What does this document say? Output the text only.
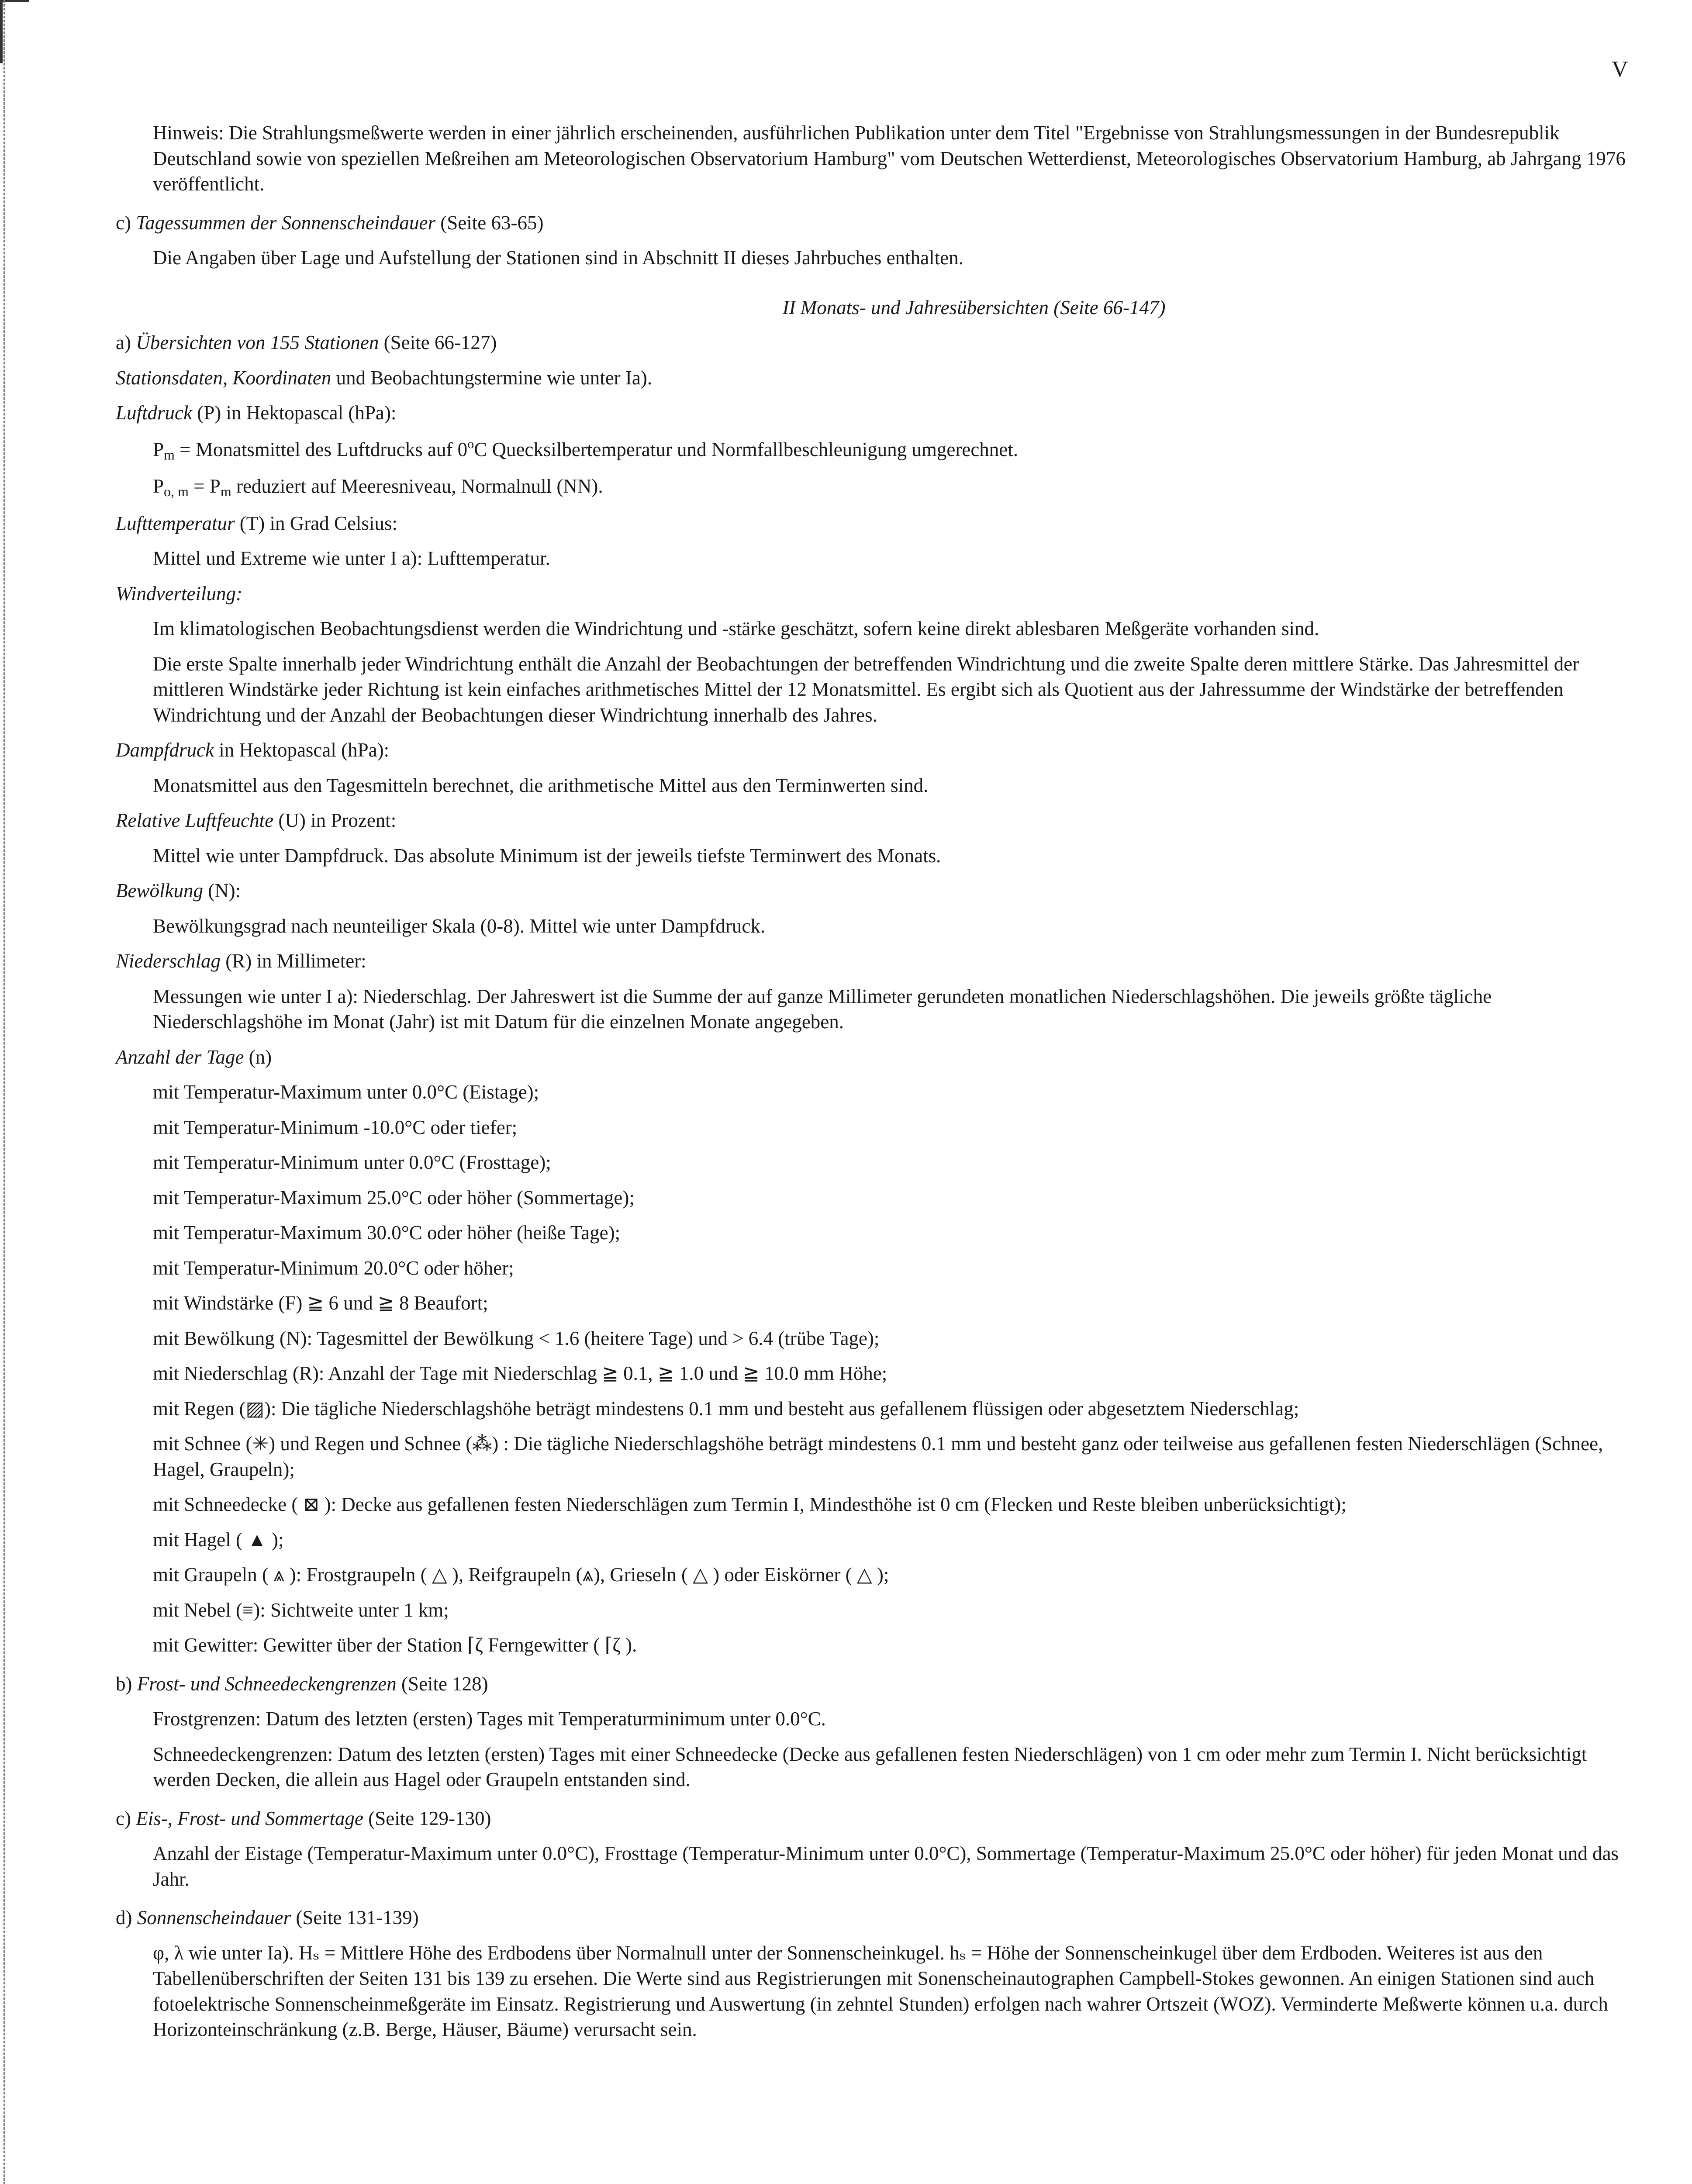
V

Hinweis: Die Strahlungsmeßwerte werden in einer jährlich erscheinenden, ausführlichen Publikation unter dem Titel "Ergebnisse von Strahlungsmessungen in der Bundesrepublik Deutschland sowie von speziellen Meßreihen am Meteorologischen Observatorium Hamburg" vom Deutschen Wetterdienst, Meteorologisches Observatorium Hamburg, ab Jahrgang 1976 veröffentlicht.

c) Tagessummen der Sonnenscheindauer (Seite 63-65)

Die Angaben über Lage und Aufstellung der Stationen sind in Abschnitt II dieses Jahrbuches enthalten.

II Monats- und Jahresübersichten (Seite 66-147)

a) Übersichten von 155 Stationen (Seite 66-127)

Stationsdaten, Koordinaten und Beobachtungstermine wie unter Ia).

Luftdruck (P) in Hektopascal (hPa):

$P_m$ = Monatsmittel des Luftdrucks auf 0$^o$C Quecksilbertemperatur und Normfallbeschleunigung umgerechnet.

$P_{o, m} = P_m$ reduziert auf Meeresniveau, Normalnull (NN).

Lufttemperatur (T) in Grad Celsius:

Mittel und Extreme wie unter I a): Lufttemperatur.

Windverteilung:

Im klimatologischen Beobachtungsdienst werden die Windrichtung und -stärke geschätzt, sofern keine direkt ablesbaren Meßgeräte vorhanden sind.

Die erste Spalte innerhalb jeder Windrichtung enthält die Anzahl der Beobachtungen der betreffenden Windrichtung und die zweite Spalte deren mittlere Stärke. Das Jahresmittel der mittleren Windstärke jeder Richtung ist kein einfaches arithmetisches Mittel der 12 Monatsmittel. Es ergibt sich als Quotient aus der Jahressumme der Windstärke der betreffenden Windrichtung und der Anzahl der Beobachtungen dieser Windrichtung innerhalb des Jahres.

Dampfdruck in Hektopascal (hPa):

Monatsmittel aus den Tagesmitteln berechnet, die arithmetische Mittel aus den Terminwerten sind.

Relative Luftfeuchte (U) in Prozent:

Mittel wie unter Dampfdruck. Das absolute Minimum ist der jeweils tiefste Terminwert des Monats.

Bewölkung (N):

Bewölkungsgrad nach neunteiliger Skala (0-8). Mittel wie unter Dampfdruck.

Niederschlag (R) in Millimeter:

Messungen wie unter I a): Niederschlag. Der Jahreswert ist die Summe der auf ganze Millimeter gerundeten monatlichen Niederschlagshöhen. Die jeweils größte tägliche Niederschlagshöhe im Monat (Jahr) ist mit Datum für die einzelnen Monate angegeben.

Anzahl der Tage (n)

mit Temperatur-Maximum unter 0.0°C (Eistage);

mit Temperatur-Minimum -10.0°C oder tiefer;

mit Temperatur-Minimum unter 0.0°C (Frosttage);

mit Temperatur-Maximum 25.0°C oder höher (Sommertage);

mit Temperatur-Maximum 30.0°C oder höher (heiße Tage);

mit Temperatur-Minimum 20.0°C oder höher;

mit Windstärke (F) ≧ 6 und ≧ 8 Beaufort;

mit Bewölkung (N): Tagesmittel der Bewölkung < 1.6 (heitere Tage) und > 6.4 (trübe Tage);

mit Niederschlag (R): Anzahl der Tage mit Niederschlag ≧ 0.1, ≧ 1.0 und ≧ 10.0 mm Höhe;

mit Regen (▨): Die tägliche Niederschlagshöhe beträgt mindestens 0.1 mm und besteht aus gefallenem flüssigen oder abgesetztem Niederschlag;

mit Schnee (✳) und Regen und Schnee (⁂) : Die tägliche Niederschlagshöhe beträgt mindestens 0.1 mm und besteht ganz oder teilweise aus gefallenen festen Niederschlägen (Schnee, Hagel, Graupeln);

mit Schneedecke ( ⊠ ): Decke aus gefallenen festen Niederschlägen zum Termin I, Mindesthöhe ist 0 cm (Flecken und Reste bleiben unberücksichtigt);

mit Hagel ( ▲ );

mit Graupeln ( ⩓ ): Frostgraupeln ( △ ), Reifgraupeln (⩓), Grieseln ( △ ) oder Eiskörner ( △ );

mit Nebel (≡): Sichtweite unter 1 km;

mit Gewitter: Gewitter über der Station ⌈ζ Ferngewitter ( ⌈ζ ).

b) Frost- und Schneedeckengrenzen (Seite 128)

Frostgrenzen: Datum des letzten (ersten) Tages mit Temperaturminimum unter 0.0°C.

Schneedeckengrenzen: Datum des letzten (ersten) Tages mit einer Schneedecke (Decke aus gefallenen festen Niederschlägen) von 1 cm oder mehr zum Termin I. Nicht berücksichtigt werden Decken, die allein aus Hagel oder Graupeln entstanden sind.

c) Eis-, Frost- und Sommertage (Seite 129-130)

Anzahl der Eistage (Temperatur-Maximum unter 0.0°C), Frosttage (Temperatur-Minimum unter 0.0°C), Sommertage (Temperatur-Maximum 25.0°C oder höher) für jeden Monat und das Jahr.

d) Sonnenscheindauer (Seite 131-139)

φ, λ wie unter Ia). Hₛ = Mittlere Höhe des Erdbodens über Normalnull unter der Sonnenscheinkugel. hₛ = Höhe der Sonnenscheinkugel über dem Erdboden. Weiteres ist aus den Tabellenüberschriften der Seiten 131 bis 139 zu ersehen. Die Werte sind aus Registrierungen mit Sonenscheinautographen Campbell-Stokes gewonnen. An einigen Stationen sind auch fotoelektrische Sonnenscheinmeßgeräte im Einsatz. Registrierung und Auswertung (in zehntel Stunden) erfolgen nach wahrer Ortszeit (WOZ). Verminderte Meßwerte können u.a. durch Horizonteinschränkung (z.B. Berge, Häuser, Bäume) verursacht sein.
